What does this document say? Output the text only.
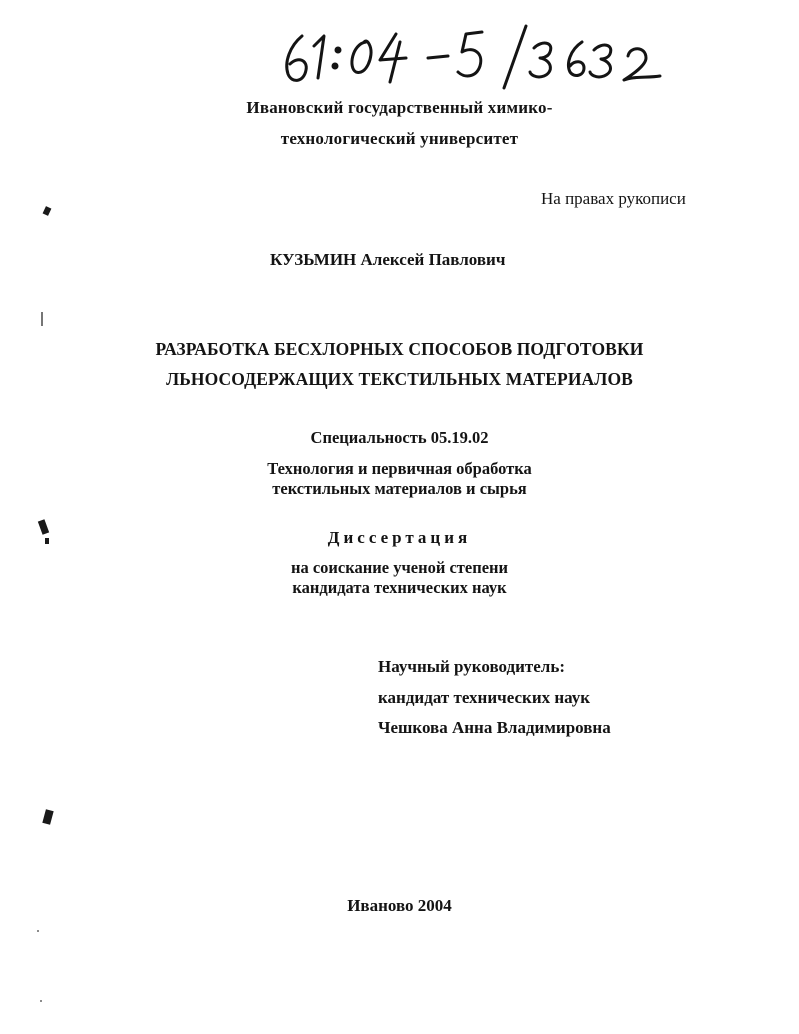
Ивановский государственный химико-
технологический университет
На правах рукописи
КУЗЬМИН Алексей Павлович
РАЗРАБОТКА БЕСХЛОРНЫХ СПОСОБОВ ПОДГОТОВКИ
ЛЬНОСОДЕРЖАЩИХ ТЕКСТИЛЬНЫХ МАТЕРИАЛОВ
Специальность 05.19.02
Технология и первичная обработка
текстильных материалов и сырья
Диссертация
на соискание ученой степени
кандидата технических наук
Научный руководитель:
кандидат технических наук
Чешкова Анна Владимировна
Иваново 2004
